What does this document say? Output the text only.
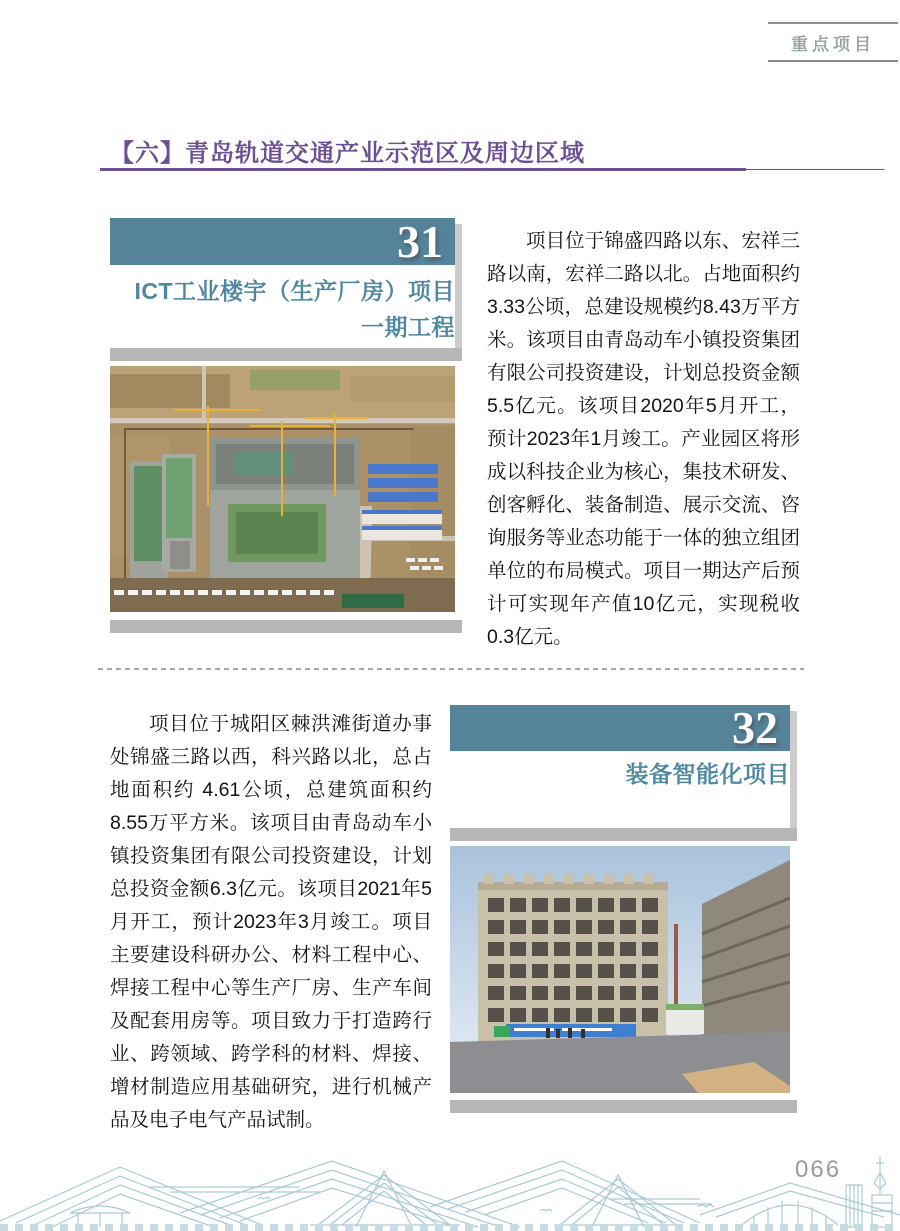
重点项目
【六】青岛轨道交通产业示范区及周边区域
31
ICT工业楼宇（生产厂房）项目
一期工程
项目位于锦盛四路以东、宏祥三路以南，宏祥二路以北。占地面积约 3.33公顷，总建设规模约8.43万平方米。该项目由青岛动车小镇投资集团有限公司投资建设，计划总投资金额5.5亿元。该项目2020年5月开工，预计2023年1月竣工。产业园区将形成以科技企业为核心，集技术研发、创客孵化、装备制造、展示交流、咨询服务等业态功能于一体的独立组团单位的布局模式。项目一期达产后预计可实现年产值10亿元，实现税收0.3亿元。
项目位于城阳区棘洪滩街道办事处锦盛三路以西，科兴路以北，总占地面积约 4.61公顷，总建筑面积约8.55万平方米。该项目由青岛动车小镇投资集团有限公司投资建设，计划总投资金额6.3亿元。该项目2021年5月开工，预计2023年3月竣工。项目主要建设科研办公、材料工程中心、焊接工程中心等生产厂房、生产车间及配套用房等。项目致力于打造跨行业、跨领域、跨学科的材料、焊接、增材制造应用基础研究，进行机械产品及电子电气产品试制。
32
装备智能化项目
066
